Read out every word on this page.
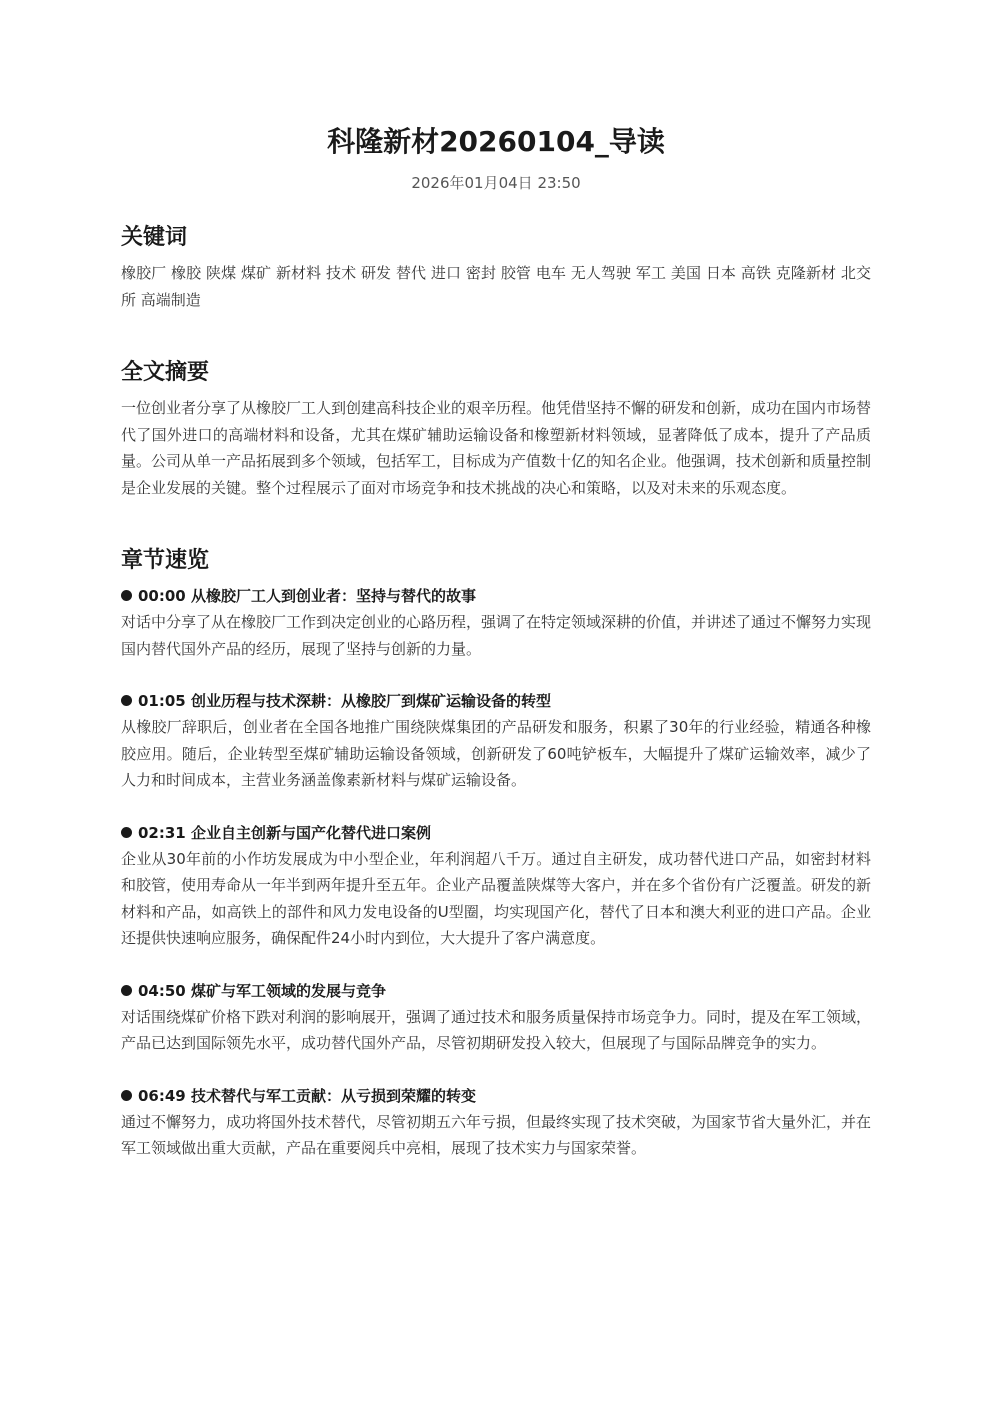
科隆新材20260104_导读
2026年01月04日 23:50
关键词
橡胶厂 橡胶 陕煤 煤矿 新材料 技术 研发 替代 进口 密封 胶管 电车 无人驾驶 军工 美国 日本 高铁 克隆新材 北交所 高端制造
全文摘要
一位创业者分享了从橡胶厂工人到创建高科技企业的艰辛历程。他凭借坚持不懈的研发和创新，成功在国内市场替代了国外进口的高端材料和设备，尤其在煤矿辅助运输设备和橡塑新材料领域，显著降低了成本，提升了产品质量。公司从单一产品拓展到多个领域，包括军工，目标成为产值数十亿的知名企业。他强调，技术创新和质量控制是企业发展的关键。整个过程展示了面对市场竞争和技术挑战的决心和策略，以及对未来的乐观态度。
章节速览
00:00 从橡胶厂工人到创业者：坚持与替代的故事
对话中分享了从在橡胶厂工作到决定创业的心路历程，强调了在特定领域深耕的价值，并讲述了通过不懈努力实现国内替代国外产品的经历，展现了坚持与创新的力量。
01:05 创业历程与技术深耕：从橡胶厂到煤矿运输设备的转型
从橡胶厂辞职后，创业者在全国各地推广围绕陕煤集团的产品研发和服务，积累了30年的行业经验，精通各种橡胶应用。随后，企业转型至煤矿辅助运输设备领域，创新研发了60吨铲板车，大幅提升了煤矿运输效率，减少了人力和时间成本，主营业务涵盖像素新材料与煤矿运输设备。
02:31 企业自主创新与国产化替代进口案例
企业从30年前的小作坊发展成为中小型企业，年利润超八千万。通过自主研发，成功替代进口产品，如密封材料和胶管，使用寿命从一年半到两年提升至五年。企业产品覆盖陕煤等大客户，并在多个省份有广泛覆盖。研发的新材料和产品，如高铁上的部件和风力发电设备的U型圈，均实现国产化，替代了日本和澳大利亚的进口产品。企业还提供快速响应服务，确保配件24小时内到位，大大提升了客户满意度。
04:50 煤矿与军工领域的发展与竞争
对话围绕煤矿价格下跌对利润的影响展开，强调了通过技术和服务质量保持市场竞争力。同时，提及在军工领域，产品已达到国际领先水平，成功替代国外产品，尽管初期研发投入较大，但展现了与国际品牌竞争的实力。
06:49 技术替代与军工贡献：从亏损到荣耀的转变
通过不懈努力，成功将国外技术替代，尽管初期五六年亏损，但最终实现了技术突破，为国家节省大量外汇，并在军工领域做出重大贡献，产品在重要阅兵中亮相，展现了技术实力与国家荣誉。
